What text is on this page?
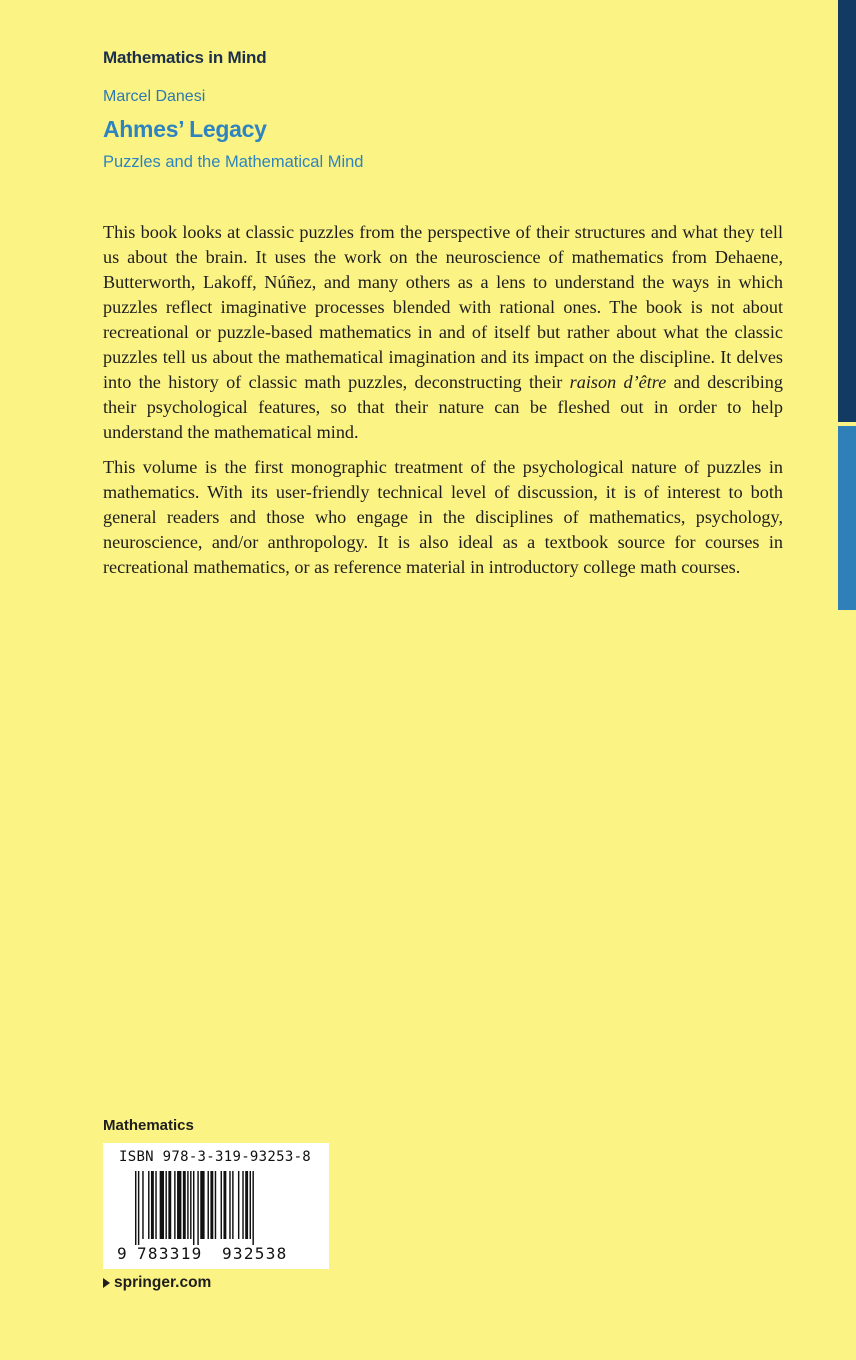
Mathematics in Mind
Marcel Danesi
Ahmes’ Legacy
Puzzles and the Mathematical Mind

This book looks at classic puzzles from the perspective of their structures and what they tell us about the brain. It uses the work on the neuroscience of mathematics from Dehaene, Butterworth, Lakoff, Núñez, and many others as a lens to understand the ways in which puzzles reflect imaginative processes blended with rational ones. The book is not about recreational or puzzle-based mathematics in and of itself but rather about what the classic puzzles tell us about the mathematical imagination and its impact on the discipline. It delves into the history of classic math puzzles, deconstructing their raison d’être and describing their psychological features, so that their nature can be fleshed out in order to help understand the mathematical mind.

This volume is the first monographic treatment of the psychological nature of puzzles in mathematics. With its user-friendly technical level of discussion, it is of interest to both general readers and those who engage in the disciplines of mathematics, psychology, neuroscience, and/or anthropology. It is also ideal as a textbook source for courses in recreational mathematics, or as reference material in introductory college math courses.

Mathematics
ISBN 978-3-319-93253-8
9 783319 932538
springer.com
